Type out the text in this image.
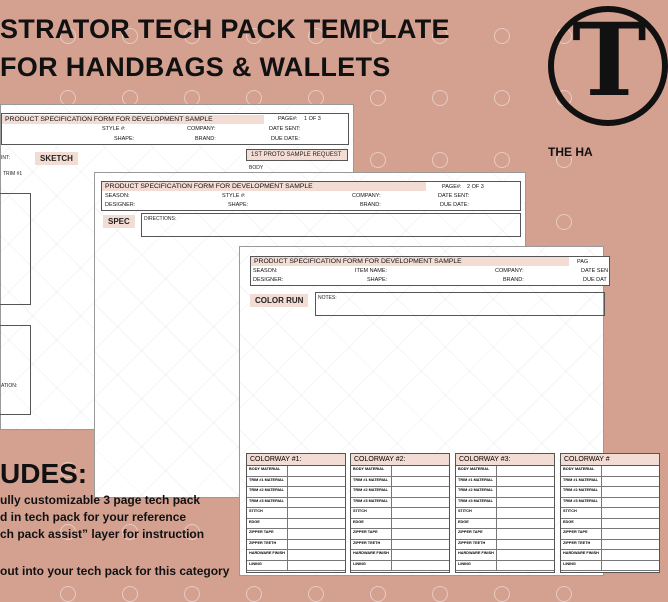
STRATOR TECH PACK TEMPLATE
FOR HANDBAGS & WALLETS T
THE HA
PRODUCT SPECIFICATION FORM FOR DEVELOPMENT SAMPLE	PAGE#: 1 OF 3
STYLE #:	COMPANY:	DATE SENT:
SHAPE:	BRAND:	DUE DATE:
SKETCH	1ST PROTO SAMPLE REQUEST
BODY
INT:
TRIM #1
ATION:
PRODUCT SPECIFICATION FORM FOR DEVELOPMENT SAMPLE	PAGE#: 2 OF 3
SEASON:	STYLE #:	COMPANY:	DATE SENT:
DESIGNER:	SHAPE:	BRAND:	DUE DATE:
SPEC	DIRECTIONS:
PRODUCT SPECIFICATION FORM FOR DEVELOPMENT SAMPLE	PAG
SEASON:	ITEM NAME:	COMPANY:	DATE SEN
DESIGNER:	SHAPE:	BRAND:	DUE DAT
COLOR RUN	NOTES:
COLORWAY #1:
BODY MATERIAL
TRIM #1 MATERIAL
TRIM #2 MATERIAL
TRIM #3 MATERIAL
STITCH
EDGE
ZIPPER TAPE
ZIPPER TEETH
HARDWARE FINISH
LINING
COLORWAY #2:
BODY MATERIAL
TRIM #1 MATERIAL
TRIM #2 MATERIAL
TRIM #3 MATERIAL
STITCH
EDGE
ZIPPER TAPE
ZIPPER TEETH
HARDWARE FINISH
LINING
COLORWAY #3:
BODY MATERIAL
TRIM #1 MATERIAL
TRIM #2 MATERIAL
TRIM #3 MATERIAL
STITCH
EDGE
ZIPPER TAPE
ZIPPER TEETH
HARDWARE FINISH
LINING
COLORWAY #
BODY MATERIAL
TRIM #1 MATERIAL
TRIM #2 MATERIAL
TRIM #3 MATERIAL
STITCH
EDGE
ZIPPER TAPE
ZIPPER TEETH
HARDWARE FINISH
LINING
UDES:
ully customizable 3 page tech pack
d in tech pack for your reference
ch pack assist” layer for instruction
out into your tech pack for this category
